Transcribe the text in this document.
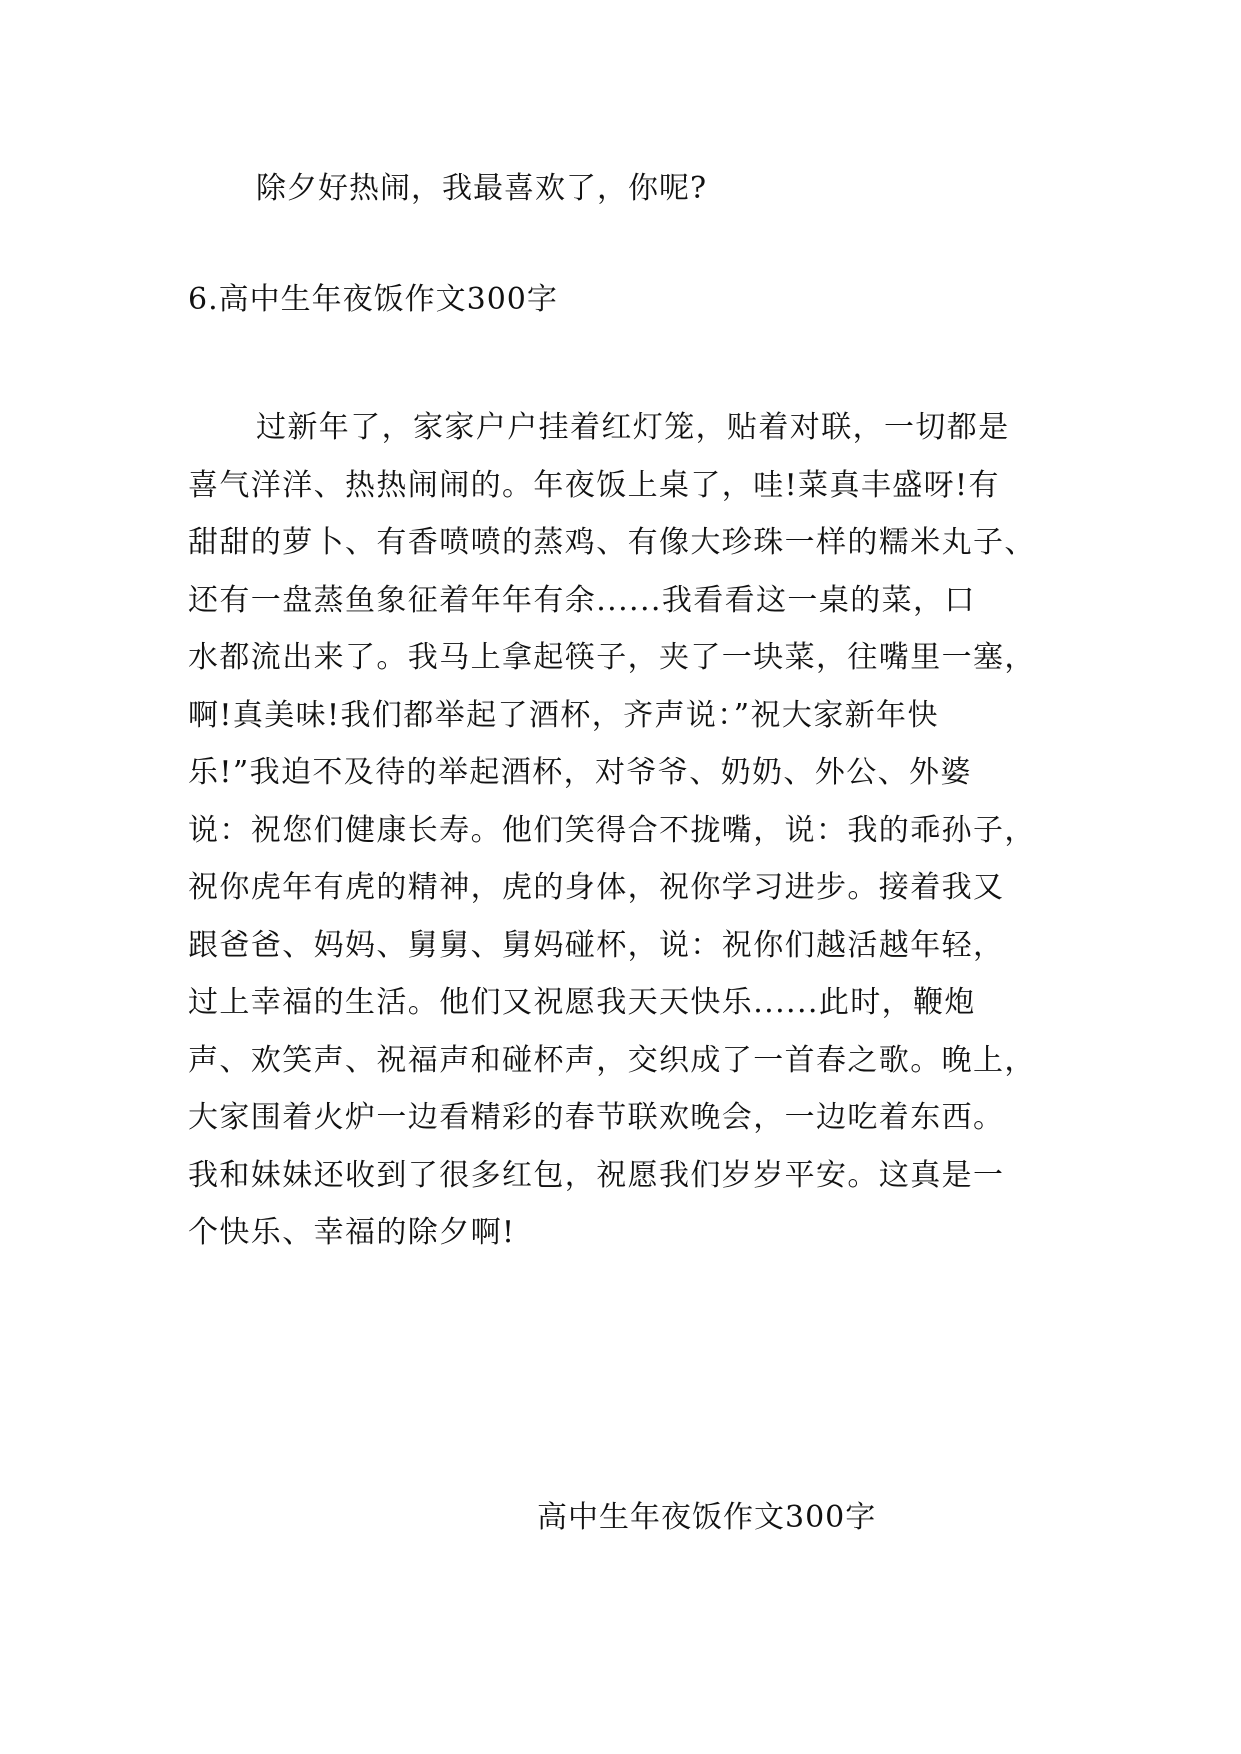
除夕好热闹，我最喜欢了，你呢?
6.高中生年夜饭作文300字
过新年了，家家户户挂着红灯笼，贴着对联，一切都是
喜气洋洋、热热闹闹的。年夜饭上桌了，哇!菜真丰盛呀!有
甜甜的萝卜、有香喷喷的蒸鸡、有像大珍珠一样的糯米丸子、
还有一盘蒸鱼象征着年年有余......我看看这一桌的菜，口
水都流出来了。我马上拿起筷子，夹了一块菜，往嘴里一塞，
啊!真美味!我们都举起了酒杯，齐声说：”祝大家新年快
乐!”我迫不及待的举起酒杯，对爷爷、奶奶、外公、外婆
说：祝您们健康长寿。他们笑得合不拢嘴，说：我的乖孙子，
祝你虎年有虎的精神，虎的身体，祝你学习进步。接着我又
跟爸爸、妈妈、舅舅、舅妈碰杯，说：祝你们越活越年轻，
过上幸福的生活。他们又祝愿我天天快乐......此时，鞭炮
声、欢笑声、祝福声和碰杯声，交织成了一首春之歌。晚上，
大家围着火炉一边看精彩的春节联欢晚会，一边吃着东西。
我和妹妹还收到了很多红包，祝愿我们岁岁平安。这真是一
个快乐、幸福的除夕啊!
高中生年夜饭作文300字
